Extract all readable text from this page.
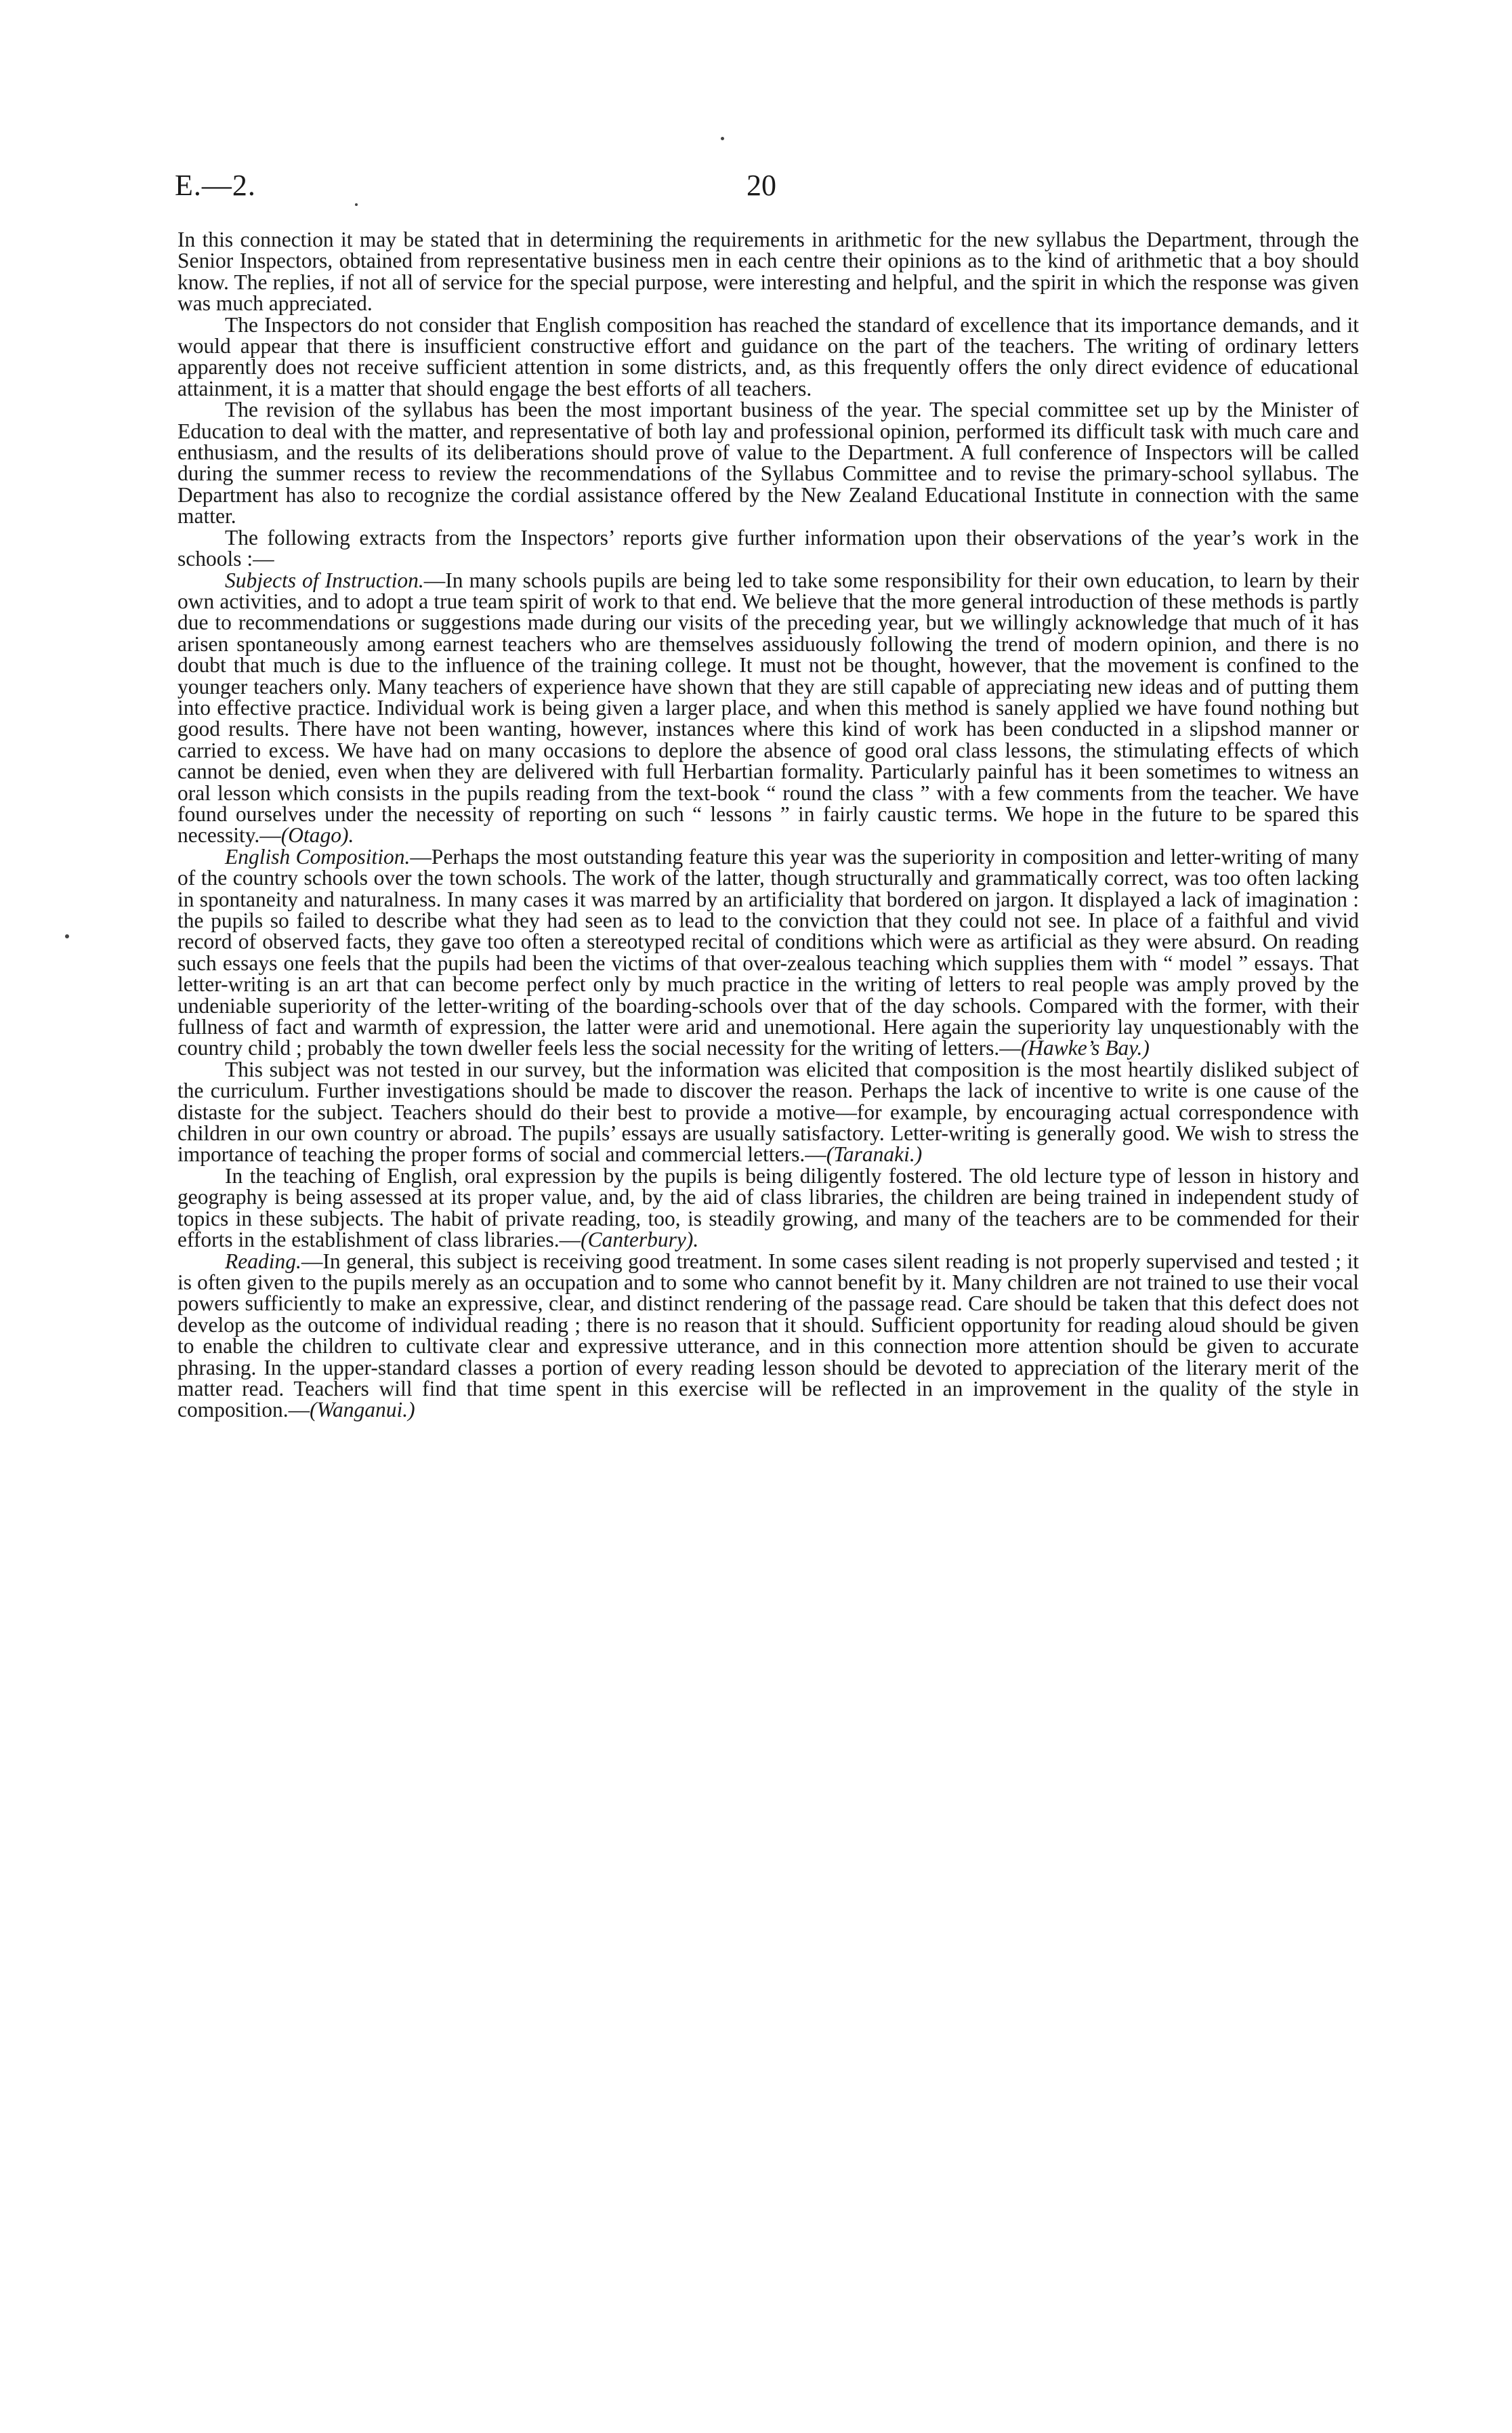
E.—2.	20

In this connection it may be stated that in determining the requirements in arithmetic for the new syllabus the Department, through the Senior Inspectors, obtained from representative business men in each centre their opinions as to the kind of arithmetic that a boy should know. The replies, if not all of service for the special purpose, were interesting and helpful, and the spirit in which the response was given was much appreciated.

The Inspectors do not consider that English composition has reached the standard of excellence that its importance demands, and it would appear that there is insufficient constructive effort and guidance on the part of the teachers. The writing of ordinary letters apparently does not receive sufficient attention in some districts, and, as this frequently offers the only direct evidence of educational attainment, it is a matter that should engage the best efforts of all teachers.

The revision of the syllabus has been the most important business of the year. The special committee set up by the Minister of Education to deal with the matter, and representative of both lay and professional opinion, performed its difficult task with much care and enthusiasm, and the results of its deliberations should prove of value to the Department. A full conference of Inspectors will be called during the summer recess to review the recommendations of the Syllabus Committee and to revise the primary-school syllabus. The Department has also to recognize the cordial assistance offered by the New Zealand Educational Institute in connection with the same matter.

The following extracts from the Inspectors’ reports give further information upon their observations of the year’s work in the schools :—

Subjects of Instruction.—In many schools pupils are being led to take some responsibility for their own education, to learn by their own activities, and to adopt a true team spirit of work to that end. We believe that the more general introduction of these methods is partly due to recommendations or suggestions made during our visits of the preceding year, but we willingly acknowledge that much of it has arisen spontaneously among earnest teachers who are themselves assiduously following the trend of modern opinion, and there is no doubt that much is due to the influence of the training college. It must not be thought, however, that the movement is confined to the younger teachers only. Many teachers of experience have shown that they are still capable of appreciating new ideas and of putting them into effective practice. Individual work is being given a larger place, and when this method is sanely applied we have found nothing but good results. There have not been wanting, however, instances where this kind of work has been conducted in a slipshod manner or carried to excess. We have had on many occasions to deplore the absence of good oral class lessons, the stimulating effects of which cannot be denied, even when they are delivered with full Herbartian formality. Particularly painful has it been sometimes to witness an oral lesson which consists in the pupils reading from the text-book “ round the class ” with a few comments from the teacher. We have found ourselves under the necessity of reporting on such “ lessons ” in fairly caustic terms. We hope in the future to be spared this necessity.—(Otago).

English Composition.—Perhaps the most outstanding feature this year was the superiority in composition and letter-writing of many of the country schools over the town schools. The work of the latter, though structurally and grammatically correct, was too often lacking in spontaneity and naturalness. In many cases it was marred by an artificiality that bordered on jargon. It displayed a lack of imagination : the pupils so failed to describe what they had seen as to lead to the conviction that they could not see. In place of a faithful and vivid record of observed facts, they gave too often a stereotyped recital of conditions which were as artificial as they were absurd. On reading such essays one feels that the pupils had been the victims of that over-zealous teaching which supplies them with “ model ” essays. That letter-writing is an art that can become perfect only by much practice in the writing of letters to real people was amply proved by the undeniable superiority of the letter-writing of the boarding-schools over that of the day schools. Compared with the former, with their fullness of fact and warmth of expression, the latter were arid and unemotional. Here again the superiority lay unquestionably with the country child ; probably the town dweller feels less the social necessity for the writing of letters.—(Hawke’s Bay.)

This subject was not tested in our survey, but the information was elicited that composition is the most heartily disliked subject of the curriculum. Further investigations should be made to discover the reason. Perhaps the lack of incentive to write is one cause of the distaste for the subject. Teachers should do their best to provide a motive—for example, by encouraging actual correspondence with children in our own country or abroad. The pupils’ essays are usually satisfactory. Letter-writing is generally good. We wish to stress the importance of teaching the proper forms of social and commercial letters.—(Taranaki.)

In the teaching of English, oral expression by the pupils is being diligently fostered. The old lecture type of lesson in history and geography is being assessed at its proper value, and, by the aid of class libraries, the children are being trained in independent study of topics in these subjects. The habit of private reading, too, is steadily growing, and many of the teachers are to be commended for their efforts in the establishment of class libraries.—(Canterbury).

Reading.—In general, this subject is receiving good treatment. In some cases silent reading is not properly supervised and tested ; it is often given to the pupils merely as an occupation and to some who cannot benefit by it. Many children are not trained to use their vocal powers sufficiently to make an expressive, clear, and distinct rendering of the passage read. Care should be taken that this defect does not develop as the outcome of individual reading ; there is no reason that it should. Sufficient opportunity for reading aloud should be given to enable the children to cultivate clear and expressive utterance, and in this connection more attention should be given to accurate phrasing. In the upper-standard classes a portion of every reading lesson should be devoted to appreciation of the literary merit of the matter read. Teachers will find that time spent in this exercise will be reflected in an improvement in the quality of the style in composition.—(Wanganui.)
